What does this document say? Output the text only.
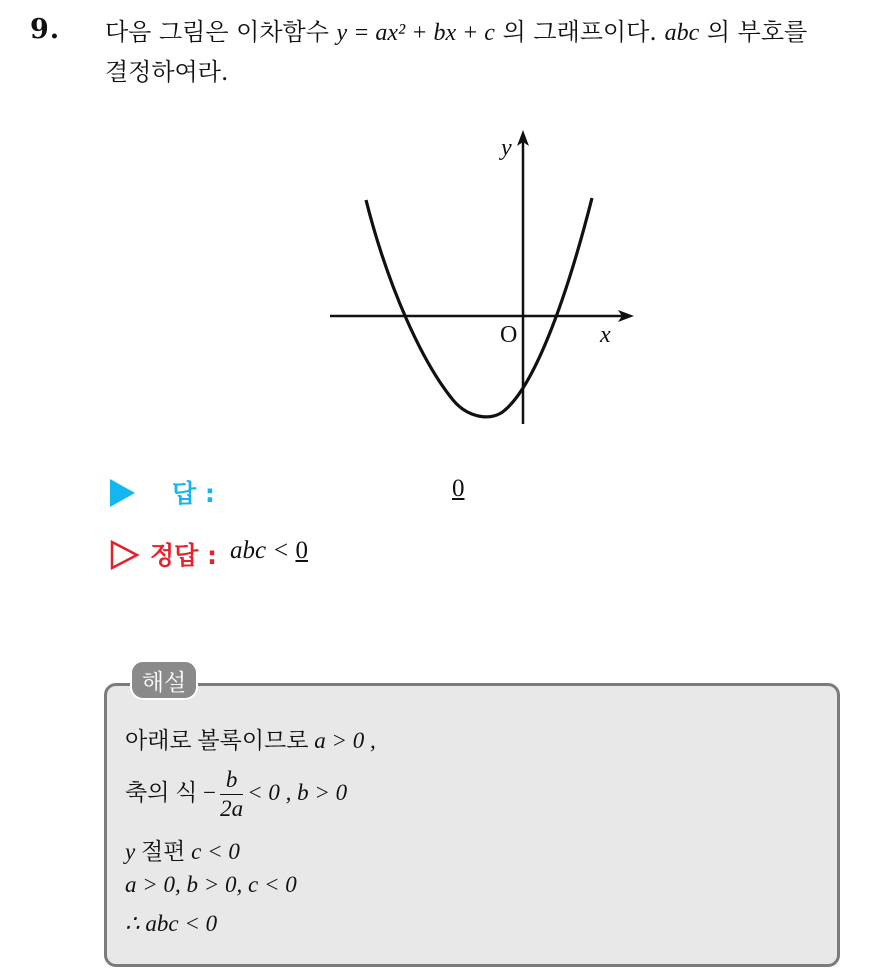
9. 다음 그림은 이차함수 y = ax² + bx + c 의 그래프이다. abc 의 부호를
결정하여라.
y
x
O
답 :	0
정답 : abc < 0
해설
아래로 볼록이므로 a > 0 ,
축의 식 − $\frac{b}{2a} < 0$ , b > 0
y 절편 c < 0
a > 0, b > 0, c < 0
∴ abc < 0
